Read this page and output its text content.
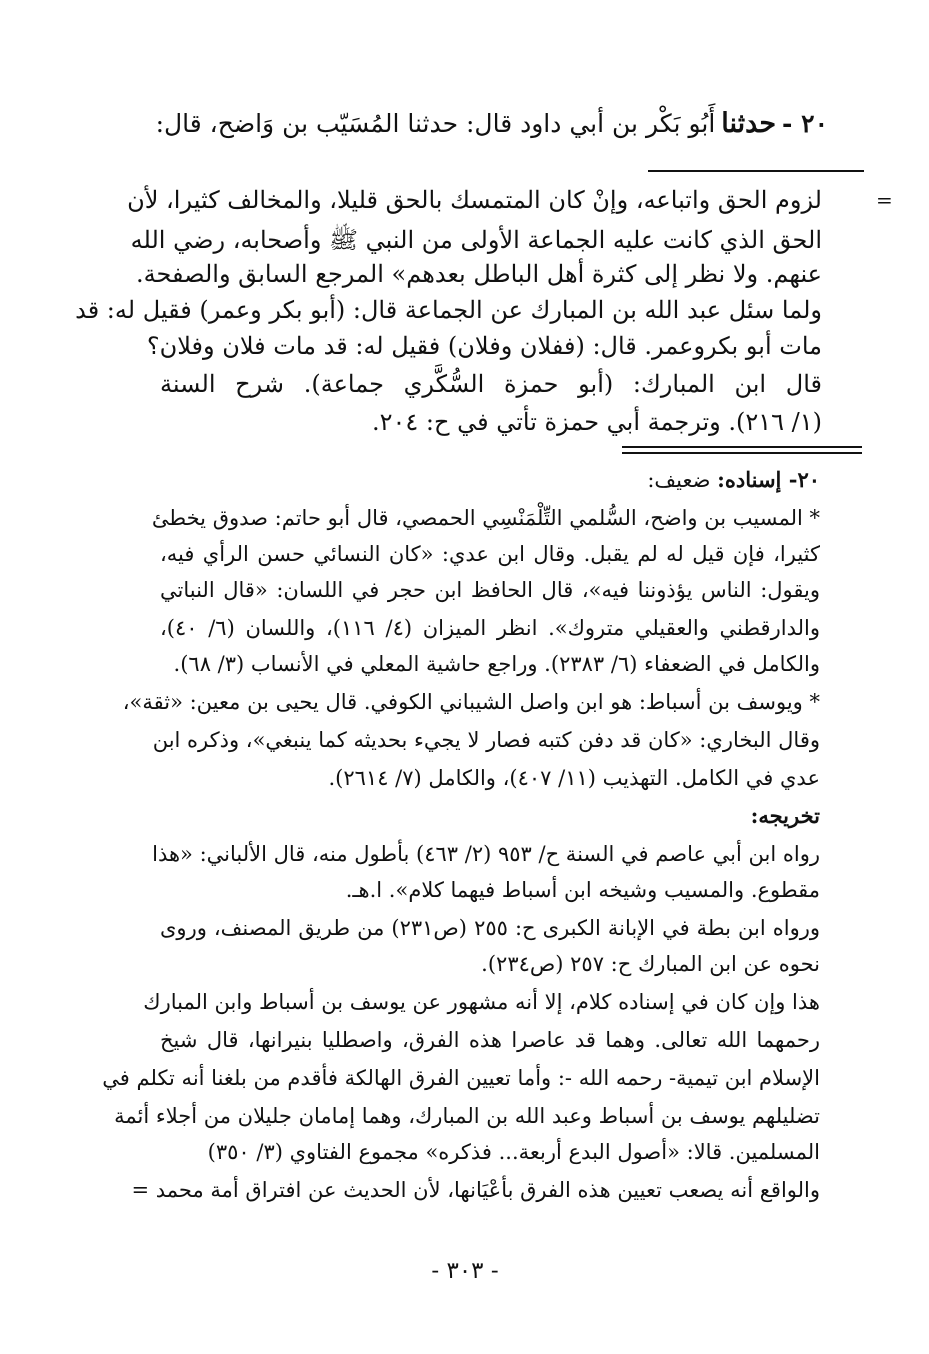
٢٠ -حدثناأَبُو بَكْر بن أبي داود قال: حدثنا المُسَيّب بن وَاضح، قال:
=
لزوم الحق واتباعه، وإنْ كان المتمسك بالحق قليلا، والمخالف كثيرا، لأن
الحق الذي كانت عليه الجماعة الأولى من النبي ﷺ وأصحابه، رضي الله
عنهم. ولا نظر إلى كثرة أهل الباطل بعدهم» المرجع السابق والصفحة.
ولما سئل عبد الله بن المبارك عن الجماعة قال: (أبو بكر وعمر) فقيل له: قد
مات أبو بكروعمر. قال: (ففلان وفلان) فقيل له: قد مات فلان وفلان؟
قال ابن المبارك: (أبو حمزة السُّكَّري جماعة). شرح السنة
(١/ ٢١٦). وترجمة أبي حمزة تأتي في ح: ٢٠٤.
٢٠- إسناده: ضعيف:
* المسيب بن واضح، السُّلمي التِّلْمَنْسِي الحمصي، قال أبو حاتم: صدوق يخطئ
كثيرا، فإن قيل له لم يقبل. وقال ابن عدي: «كان النسائي حسن الرأي فيه،
ويقول: الناس يؤذوننا فيه»، قال الحافظ ابن حجر في اللسان: «قال النباتي
والدارقطني والعقيلي متروك». انظر الميزان (٤/ ١١٦)، واللسان (٦/ ٤٠)،
والكامل في الضعفاء (٦/ ٢٣٨٣). وراجع حاشية المعلي في الأنساب (٣/ ٦٨).
* ويوسف بن أسباط: هو ابن واصل الشيباني الكوفي. قال يحيى بن معين: «ثقة»،
وقال البخاري: «كان قد دفن كتبه فصار لا يجيء بحديثه كما ينبغي»، وذكره ابن
عدي في الكامل. التهذيب (١١/ ٤٠٧)، والكامل (٧/ ٢٦١٤).
تخريجه:
رواه ابن أبي عاصم في السنة ح/ ٩٥٣ (٢/ ٤٦٣) بأطول منه، قال الألباني: «هذا
مقطوع. والمسيب وشيخه ابن أسباط فيهما كلام». ا.هـ.
ورواه ابن بطة في الإبانة الكبرى ح: ٢٥٥ (ص٢٣١) من طريق المصنف، وروى
نحوه عن ابن المبارك ح: ٢٥٧ (ص٢٣٤).
هذا وإن كان في إسناده كلام، إلا أنه مشهور عن يوسف بن أسباط وابن المبارك
رحمهما الله تعالى. وهما قد عاصرا هذه الفرق، واصطليا بنيرانها، قال شيخ
الإسلام ابن تيمية- رحمه الله -: وأما تعيين الفرق الهالكة فأقدم من بلغنا أنه تكلم في
تضليلهم يوسف بن أسباط وعبد الله بن المبارك، وهما إمامان جليلان من أجلاء أئمة
المسلمين. قالا: «أصول البدع أربعة... فذكره» مجموع الفتاوي (٣/ ٣٥٠)
والواقع أنه يصعب تعيين هذه الفرق بأعْيَانها، لأن الحديث عن افتراق أمة محمد =
- ٣٠٣ -
